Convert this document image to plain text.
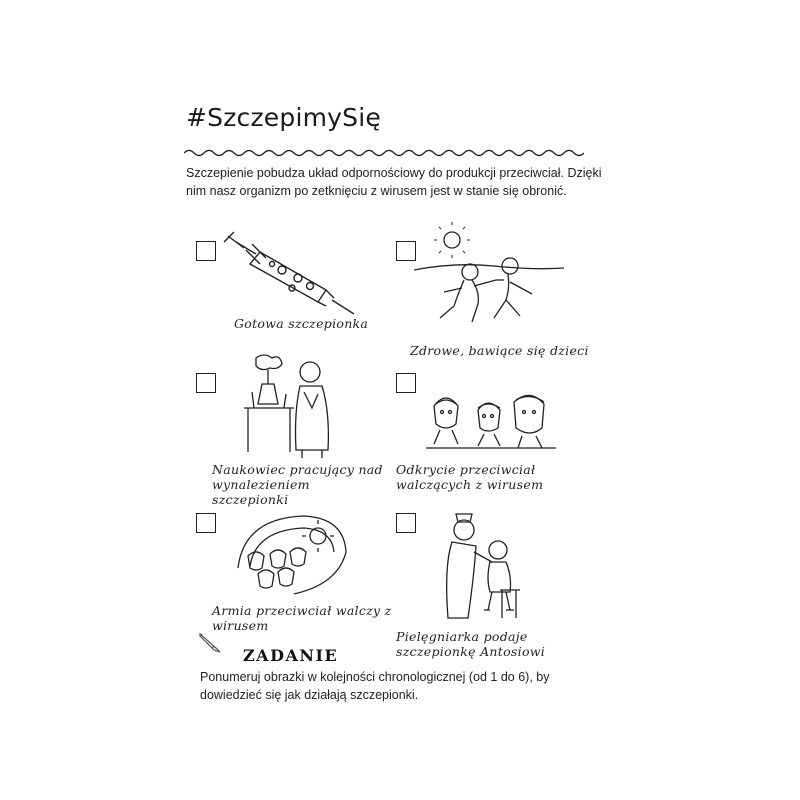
#SzczepimySię
Szczepienie pobudza układ odpornościowy do produkcji przeciwciał. Dzięki nim nasz organizm po zetknięciu z wirusem jest w stanie się obronić.
Gotowa szczepionka
Zdrowe, bawiące się dzieci
Naukowiec pracujący nad wynalezieniem szczepionki
Odkrycie przeciwciał walczących z wirusem
Armia przeciwciał walczy z wirusem
Pielęgniarka podaje szczepionkę Antosiowi
ZADANIE
Ponumeruj obrazki w kolejności chronologicznej (od 1 do 6), by dowiedzieć się jak działają szczepionki.
